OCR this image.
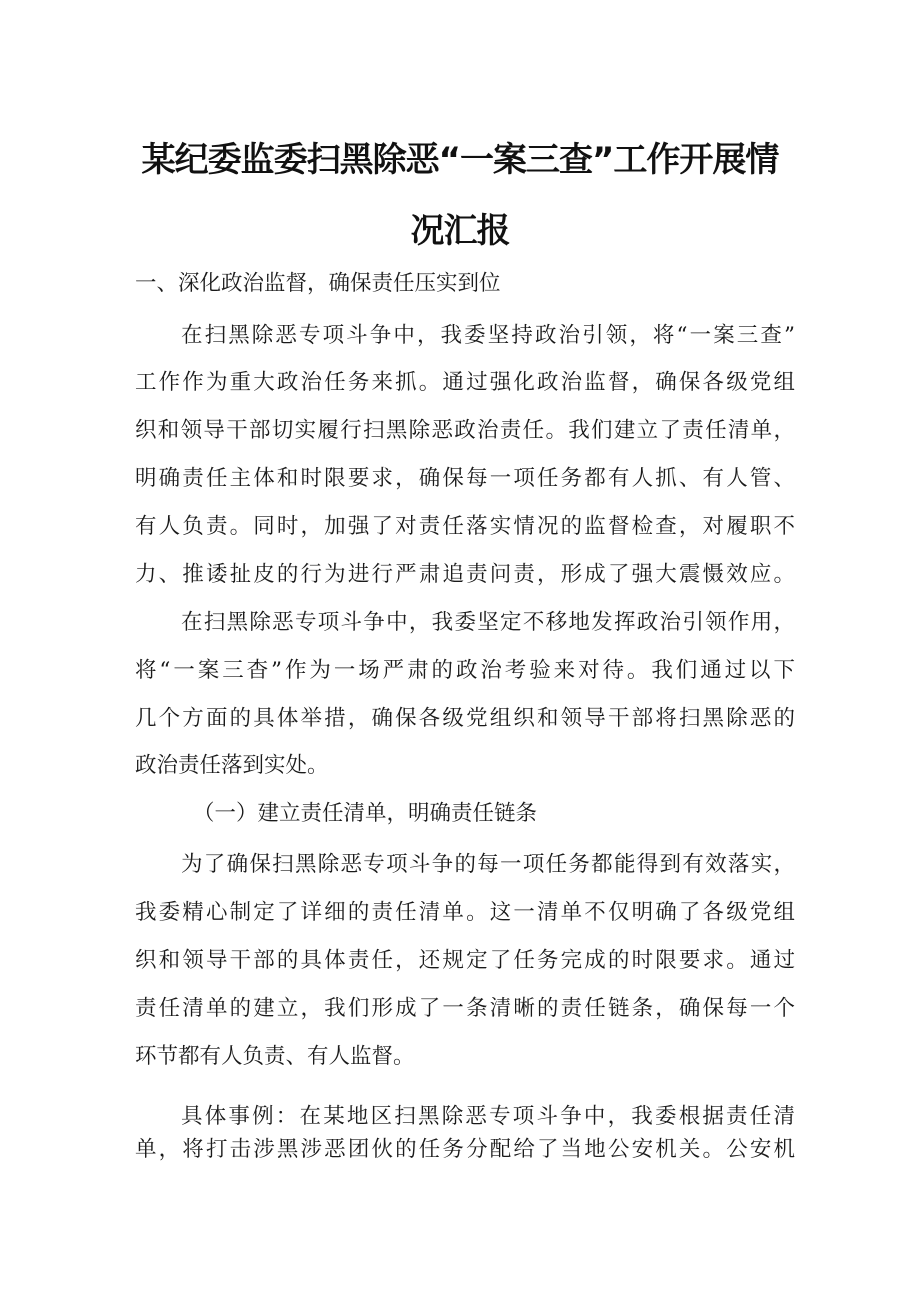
某纪委监委扫黑除恶“一案三查”工作开展情
况汇报
一、深化政治监督，确保责任压实到位
在扫黑除恶专项斗争中，我委坚持政治引领，将“一案三查”
工作作为重大政治任务来抓。通过强化政治监督，确保各级党组
织和领导干部切实履行扫黑除恶政治责任。我们建立了责任清单，
明确责任主体和时限要求，确保每一项任务都有人抓、有人管、
有人负责。同时，加强了对责任落实情况的监督检查，对履职不
力、推诿扯皮的行为进行严肃追责问责，形成了强大震慑效应。
在扫黑除恶专项斗争中，我委坚定不移地发挥政治引领作用，
将“一案三杳”作为一场严肃的政治考验来对待。我们通过以下
几个方面的具体举措，确保各级党组织和领导干部将扫黑除恶的
政治责任落到实处。
（一）建立责任清单，明确责任链条
为了确保扫黑除恶专项斗争的每一项任务都能得到有效落实，
我委精心制定了详细的责任清单。这一清单不仅明确了各级党组
织和领导干部的具体责任，还规定了任务完成的时限要求。通过
责任清单的建立，我们形成了一条清晰的责任链条，确保每一个
环节都有人负责、有人监督。
具体事例：在某地区扫黑除恶专项斗争中，我委根据责任清
单，将打击涉黑涉恶团伙的任务分配给了当地公安机关。公安机
